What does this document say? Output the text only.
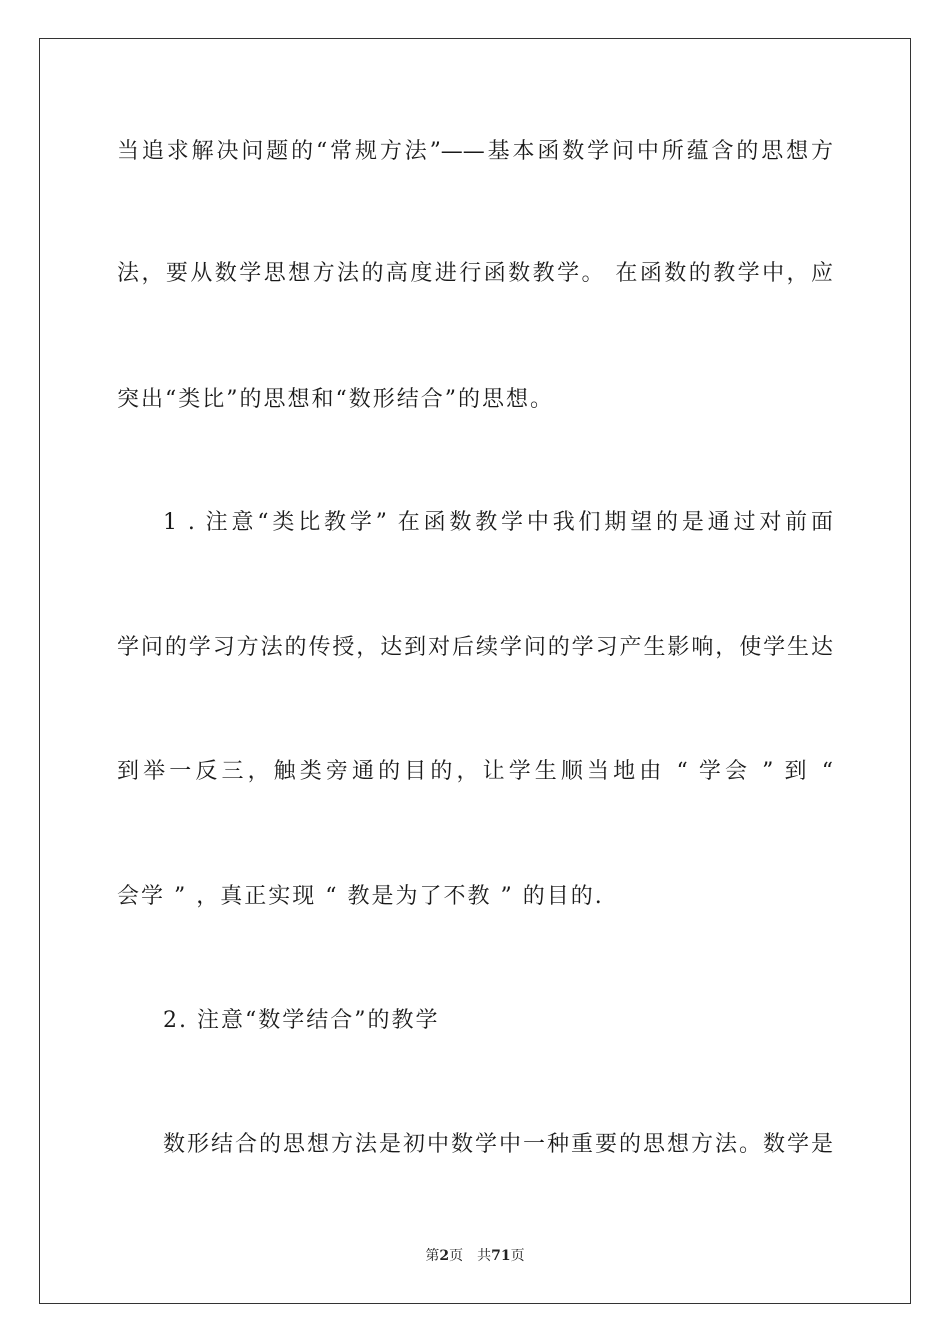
当追求解决问题的“常规方法”——基本函数学问中所蕴含的思想方
法，要从数学思想方法的高度进行函数教学。 在函数的教学中，应
突出“类比”的思想和“数形结合”的思想。
1 . 注意“类比教学” 在函数教学中我们期望的是通过对前面
学问的学习方法的传授，达到对后续学问的学习产生影响，使学生达
到举一反三，触类旁通的目的，让学生顺当地由 “ 学会 ” 到 “
会学 ” ，真正实现 “ 教是为了不教 ” 的目的.
2. 注意“数学结合”的教学
数形结合的思想方法是初中数学中一种重要的思想方法。数学是
第2页 共71页
